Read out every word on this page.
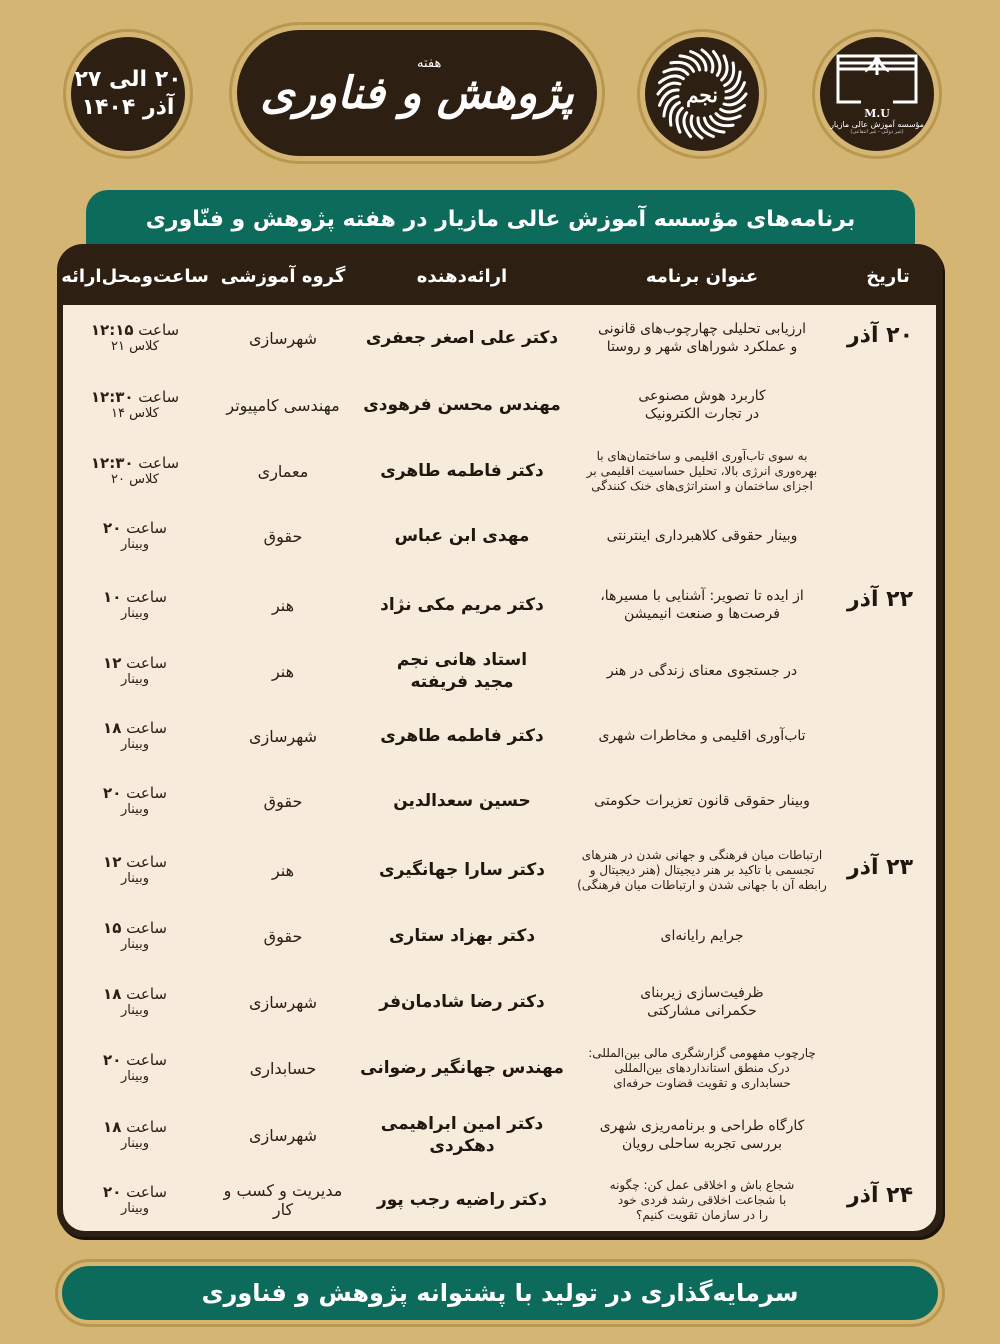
۲۰ الی ۲۷
آذر ۱۴۰۴
هفته
پژوهش و فناوری	نجم
M.U
مؤسسه آموزش عالی مازیار
(غیر دولتی - غیر انتفاعی)
برنامه‌های مؤسسه آموزش عالی مازیار در هفته پژوهش و فنّاوری
تاریخ
عنوان برنامه
ارائه‌دهنده
گروه آموزشی
ساعت‌ومحل‌ارائه
۲۰ آذر
۲۲ آذر
۲۳ آذر
۲۴ آذر
ارزیابی تحلیلی چهارچوب‌های قانونی
و عملکرد شوراهای شهر و روستا
دکتر علی اصغر جعفری
شهرسازی
ساعت ۱۲:۱۵
کلاس ۲۱
کاربرد هوش مصنوعی
در تجارت الکترونیک
مهندس محسن فرهودی
مهندسی کامپیوتر
ساعت ۱۲:۳۰
کلاس ۱۴
به سوی تاب‌آوری اقلیمی و ساختمان‌های با
بهره‌وری انرژی بالا، تحلیل حساسیت اقلیمی بر
اجزای ساختمان و استراتژی‌های خنک کنندگی
دکتر فاطمه طاهری
معماری
ساعت ۱۲:۳۰
کلاس ۲۰
وبینار حقوقی کلاهبرداری اینترنتی
مهدی ابن عباس
حقوق
ساعت ۲۰
وبینار
از ایده تا تصویر: آشنایی با مسیرها،
فرصت‌ها و صنعت انیمیشن
دکتر مریم مکی نژاد
هنر
ساعت ۱۰
وبینار
در جستجوی معنای زندگی در هنر
استاد هانی نجم
مجید فریفته
هنر
ساعت ۱۲
وبینار
تاب‌آوری اقلیمی و مخاطرات شهری
دکتر فاطمه طاهری
شهرسازی
ساعت ۱۸
وبینار
وبینار حقوقی قانون تعزیرات حکومتی
حسین سعدالدین
حقوق
ساعت ۲۰
وبینار
ارتباطات میان فرهنگی و جهانی شدن در هنرهای
تجسمی با تاکید بر هنر دیجیتال (هنر دیجیتال و
رابطه آن با جهانی شدن و ارتباطات میان فرهنگی)
دکتر سارا جهانگیری
هنر
ساعت ۱۲
وبینار
جرایم رایانه‌ای
دکتر بهزاد ستاری
حقوق
ساعت ۱۵
وبینار
ظرفیت‌سازی زیربنای
حکمرانی مشارکتی
دکتر رضا شادمان‌فر
شهرسازی
ساعت ۱۸
وبینار
چارچوب مفهومی گزارشگری مالی بین‌المللی:
درک منطق استانداردهای بین‌المللی
حسابداری و تقویت قضاوت حرفه‌ای
مهندس جهانگیر رضوانی
حسابداری
ساعت ۲۰
وبینار
کارگاه طراحی و برنامه‌ریزی شهری
بررسی تجربه ساحلی رویان
دکتر امین ابراهیمی دهکردی
شهرسازی
ساعت ۱۸
وبینار
شجاع باش و اخلاقی عمل کن: چگونه
با شجاعت اخلاقی رشد فردی خود
را در سازمان تقویت کنیم؟
دکتر راضیه رجب پور
مدیریت و کسب و کار
ساعت ۲۰
وبینار
سرمایه‌گذاری در تولید با پشتوانه پژوهش و فناوری
